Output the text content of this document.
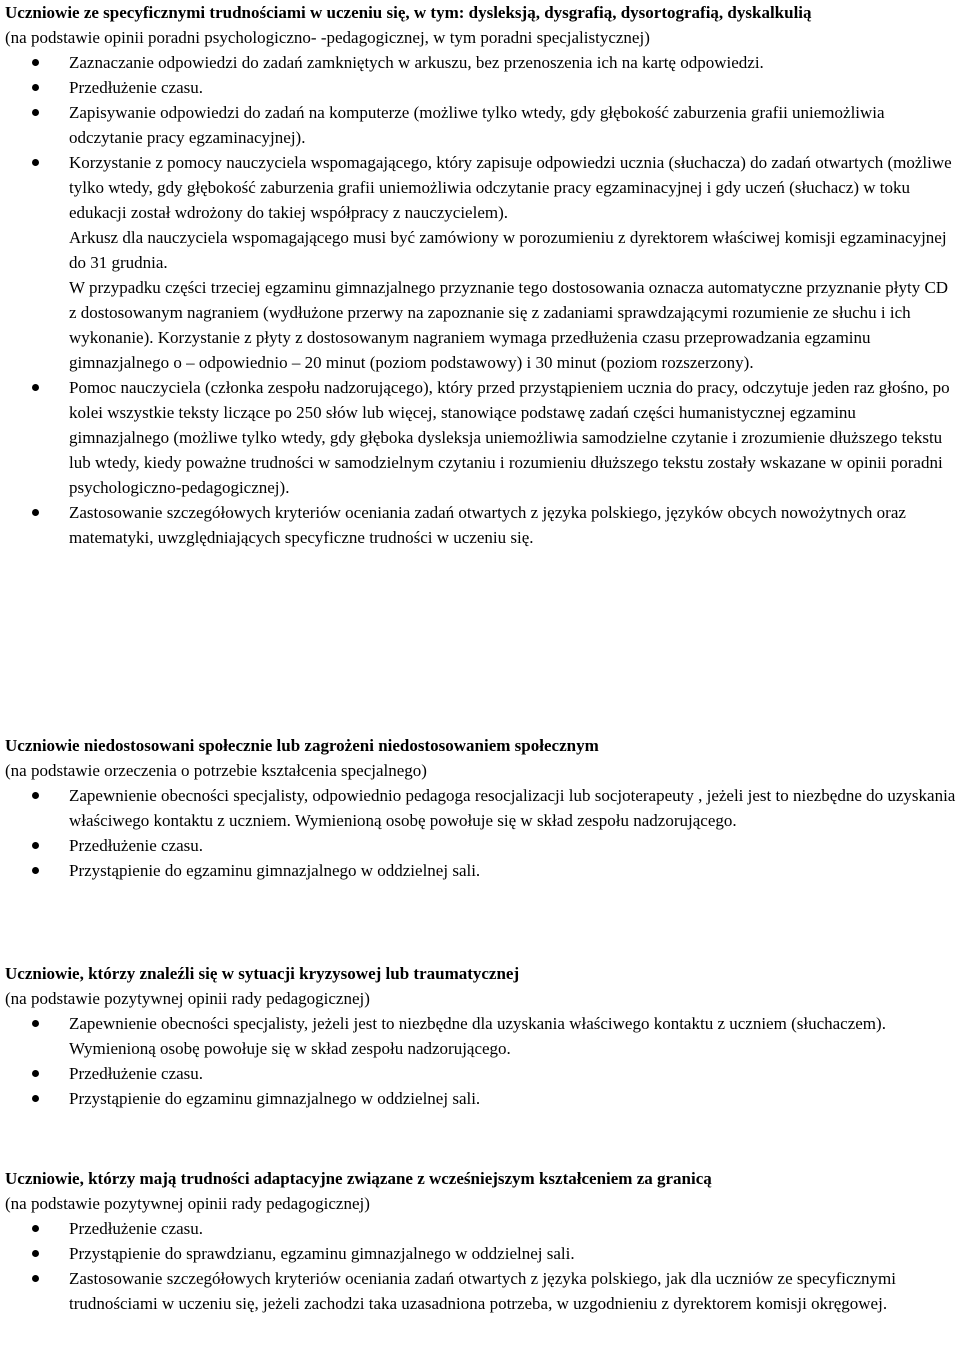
Uczniowie ze specyficznymi trudnościami w uczeniu się, w tym: dysleksją, dysgrafią, dysortografią, dyskalkulią

(na podstawie opinii poradni psychologiczno- -pedagogicznej, w tym poradni specjalistycznej)

Zaznaczanie odpowiedzi do zadań zamkniętych w arkuszu, bez przenoszenia ich na kartę odpowiedzi.
Przedłużenie czasu.
Zapisywanie odpowiedzi do zadań na komputerze (możliwe tylko wtedy, gdy głębokość zaburzenia grafii uniemożliwia odczytanie pracy egzaminacyjnej).
Korzystanie z pomocy nauczyciela wspomagającego, który zapisuje odpowiedzi ucznia (słuchacza) do zadań otwartych (możliwe tylko wtedy, gdy głębokość zaburzenia grafii uniemożliwia odczytanie pracy egzaminacyjnej i gdy uczeń (słuchacz) w toku edukacji został wdrożony do takiej współpracy z nauczycielem).
Arkusz dla nauczyciela wspomagającego musi być zamówiony w porozumieniu z dyrektorem właściwej komisji egzaminacyjnej do 31 grudnia.
W przypadku części trzeciej egzaminu gimnazjalnego przyznanie tego dostosowania oznacza automatyczne przyznanie płyty CD z dostosowanym nagraniem (wydłużone przerwy na zapoznanie się z zadaniami sprawdzającymi rozumienie ze słuchu i ich wykonanie). Korzystanie z płyty z dostosowanym nagraniem wymaga przedłużenia czasu przeprowadzania egzaminu gimnazjalnego o – odpowiednio – 20 minut (poziom podstawowy) i 30 minut (poziom rozszerzony).
Pomoc nauczyciela (członka zespołu nadzorującego), który przed przystąpieniem ucznia do pracy, odczytuje jeden raz głośno, po kolei wszystkie teksty liczące po 250 słów lub więcej, stanowiące podstawę zadań części humanistycznej egzaminu gimnazjalnego (możliwe tylko wtedy, gdy głęboka dysleksja uniemożliwia samodzielne czytanie i zrozumienie dłuższego tekstu lub wtedy, kiedy poważne trudności w samodzielnym czytaniu i rozumieniu dłuższego tekstu zostały wskazane w opinii poradni psychologiczno-pedagogicznej).
Zastosowanie szczegółowych kryteriów oceniania zadań otwartych z języka polskiego, języków obcych nowożytnych oraz matematyki, uwzględniających specyficzne trudności w uczeniu się.

Uczniowie niedostosowani społecznie lub zagrożeni niedostosowaniem społecznym

(na podstawie orzeczenia o potrzebie kształcenia specjalnego)

Zapewnienie obecności specjalisty, odpowiednio pedagoga resocjalizacji lub socjoterapeuty , jeżeli jest to niezbędne do uzyskania właściwego kontaktu z uczniem. Wymienioną osobę powołuje się w skład zespołu nadzorującego.
Przedłużenie czasu.
Przystąpienie do egzaminu gimnazjalnego w oddzielnej sali.

Uczniowie, którzy znaleźli się w sytuacji kryzysowej lub traumatycznej

(na podstawie pozytywnej opinii rady pedagogicznej)

Zapewnienie obecności specjalisty, jeżeli jest to niezbędne dla uzyskania właściwego kontaktu z uczniem (słuchaczem). Wymienioną osobę powołuje się w skład zespołu nadzorującego.
Przedłużenie czasu.
Przystąpienie do egzaminu gimnazjalnego w oddzielnej sali.

Uczniowie, którzy mają trudności adaptacyjne związane z wcześniejszym kształceniem za granicą

(na podstawie pozytywnej opinii rady pedagogicznej)

Przedłużenie czasu.
Przystąpienie do sprawdzianu, egzaminu gimnazjalnego w oddzielnej sali.
Zastosowanie szczegółowych kryteriów oceniania zadań otwartych z języka polskiego, jak dla uczniów ze specyficznymi trudnościami w uczeniu się, jeżeli zachodzi taka uzasadniona potrzeba, w uzgodnieniu z dyrektorem komisji okręgowej.
